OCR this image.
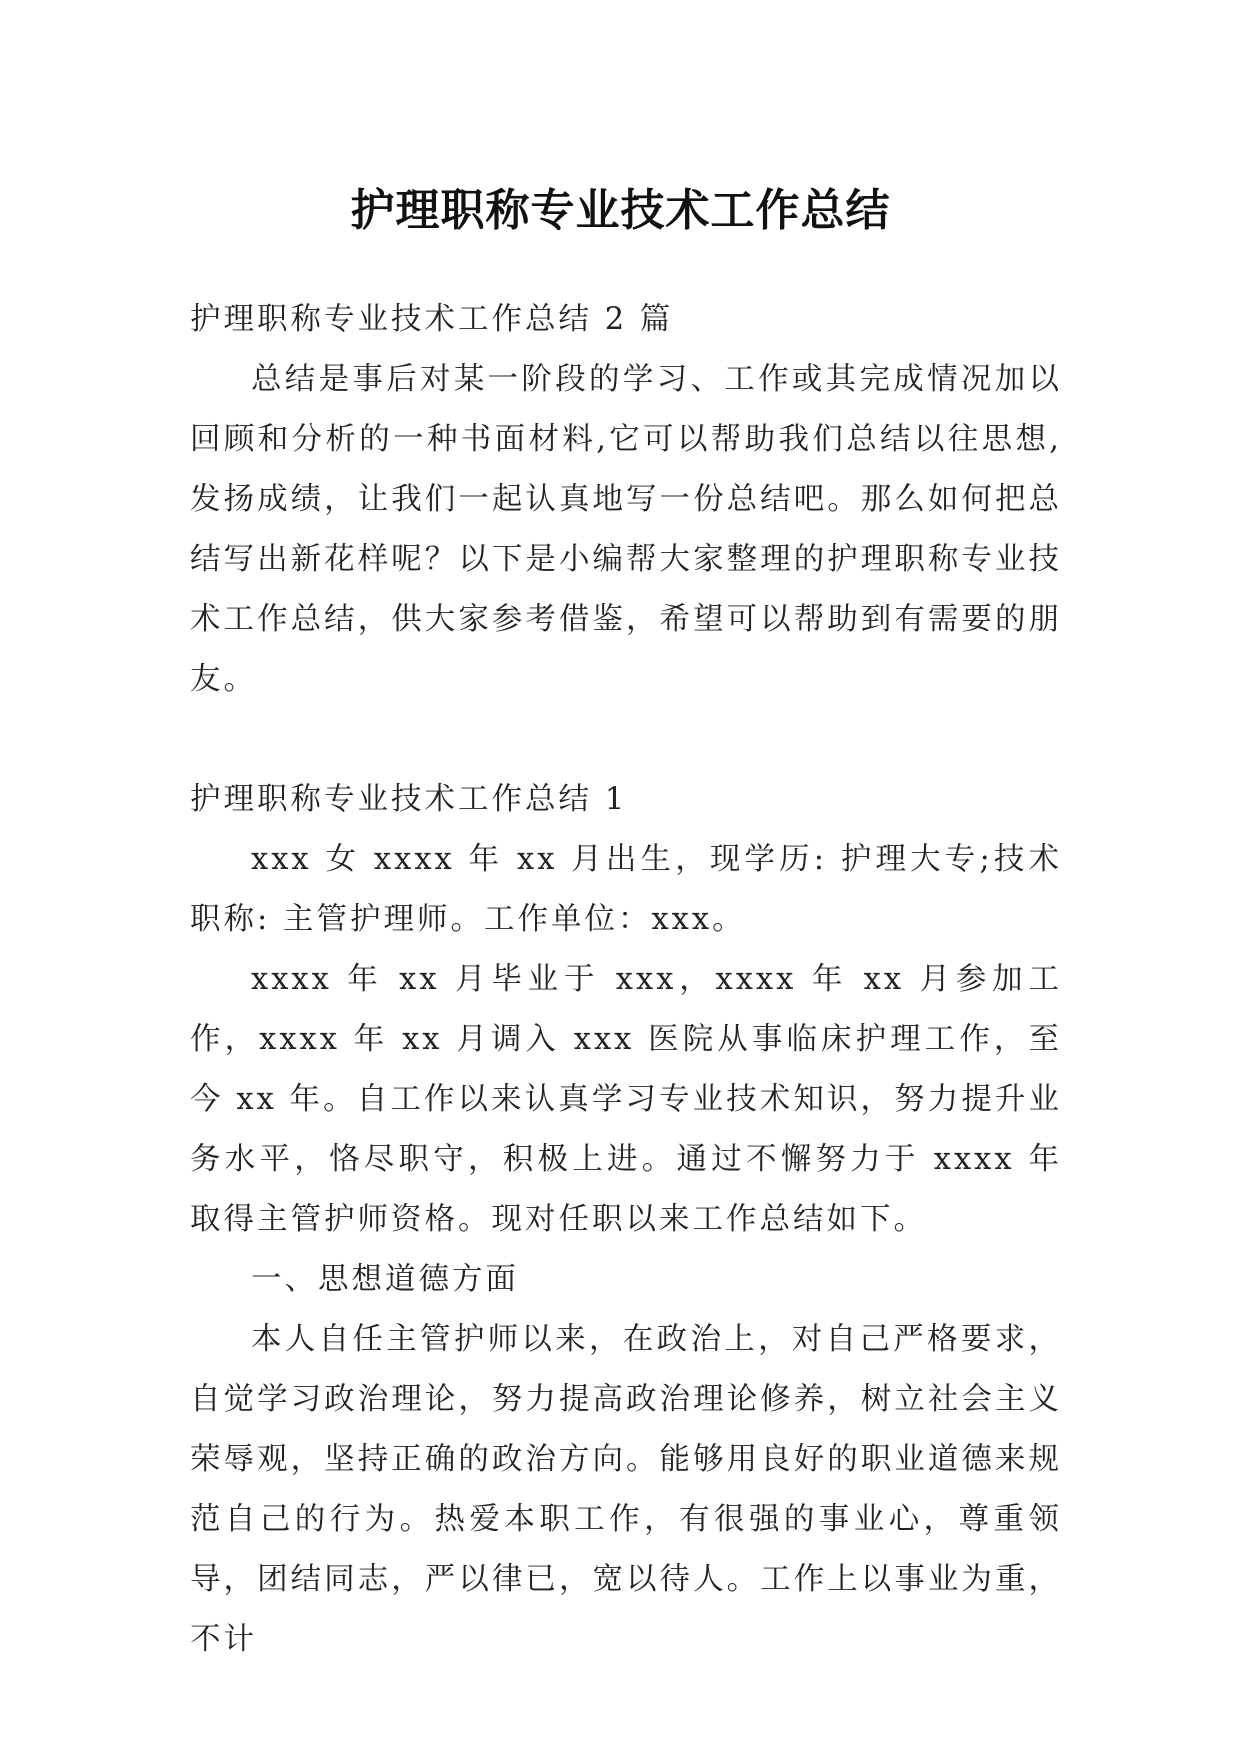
护理职称专业技术工作总结

护理职称专业技术工作总结 2 篇

总结是事后对某一阶段的学习、工作或其完成情况加以回顾和分析的一种书面材料,它可以帮助我们总结以往思想,发扬成绩，让我们一起认真地写一份总结吧。那么如何把总结写出新花样呢？以下是小编帮大家整理的护理职称专业技术工作总结，供大家参考借鉴，希望可以帮助到有需要的朋友。

护理职称专业技术工作总结 1

xxx 女 xxxx 年 xx 月出生，现学历: 护理大专;技术职称: 主管护理师。工作单位：xxx。

xxxx 年 xx 月毕业于 xxx，xxxx 年 xx 月参加工作，xxxx 年 xx 月调入 xxx 医院从事临床护理工作，至今 xx 年。自工作以来认真学习专业技术知识，努力提升业务水平，恪尽职守，积极上进。通过不懈努力于 xxxx 年取得主管护师资格。现对任职以来工作总结如下。

一、思想道德方面

本人自任主管护师以来，在政治上，对自己严格要求，自觉学习政治理论，努力提高政治理论修养，树立社会主义荣辱观，坚持正确的政治方向。能够用良好的职业道德来规范自己的行为。热爱本职工作，有很强的事业心，尊重领导，团结同志，严以律已，宽以待人。工作上以事业为重，不计
